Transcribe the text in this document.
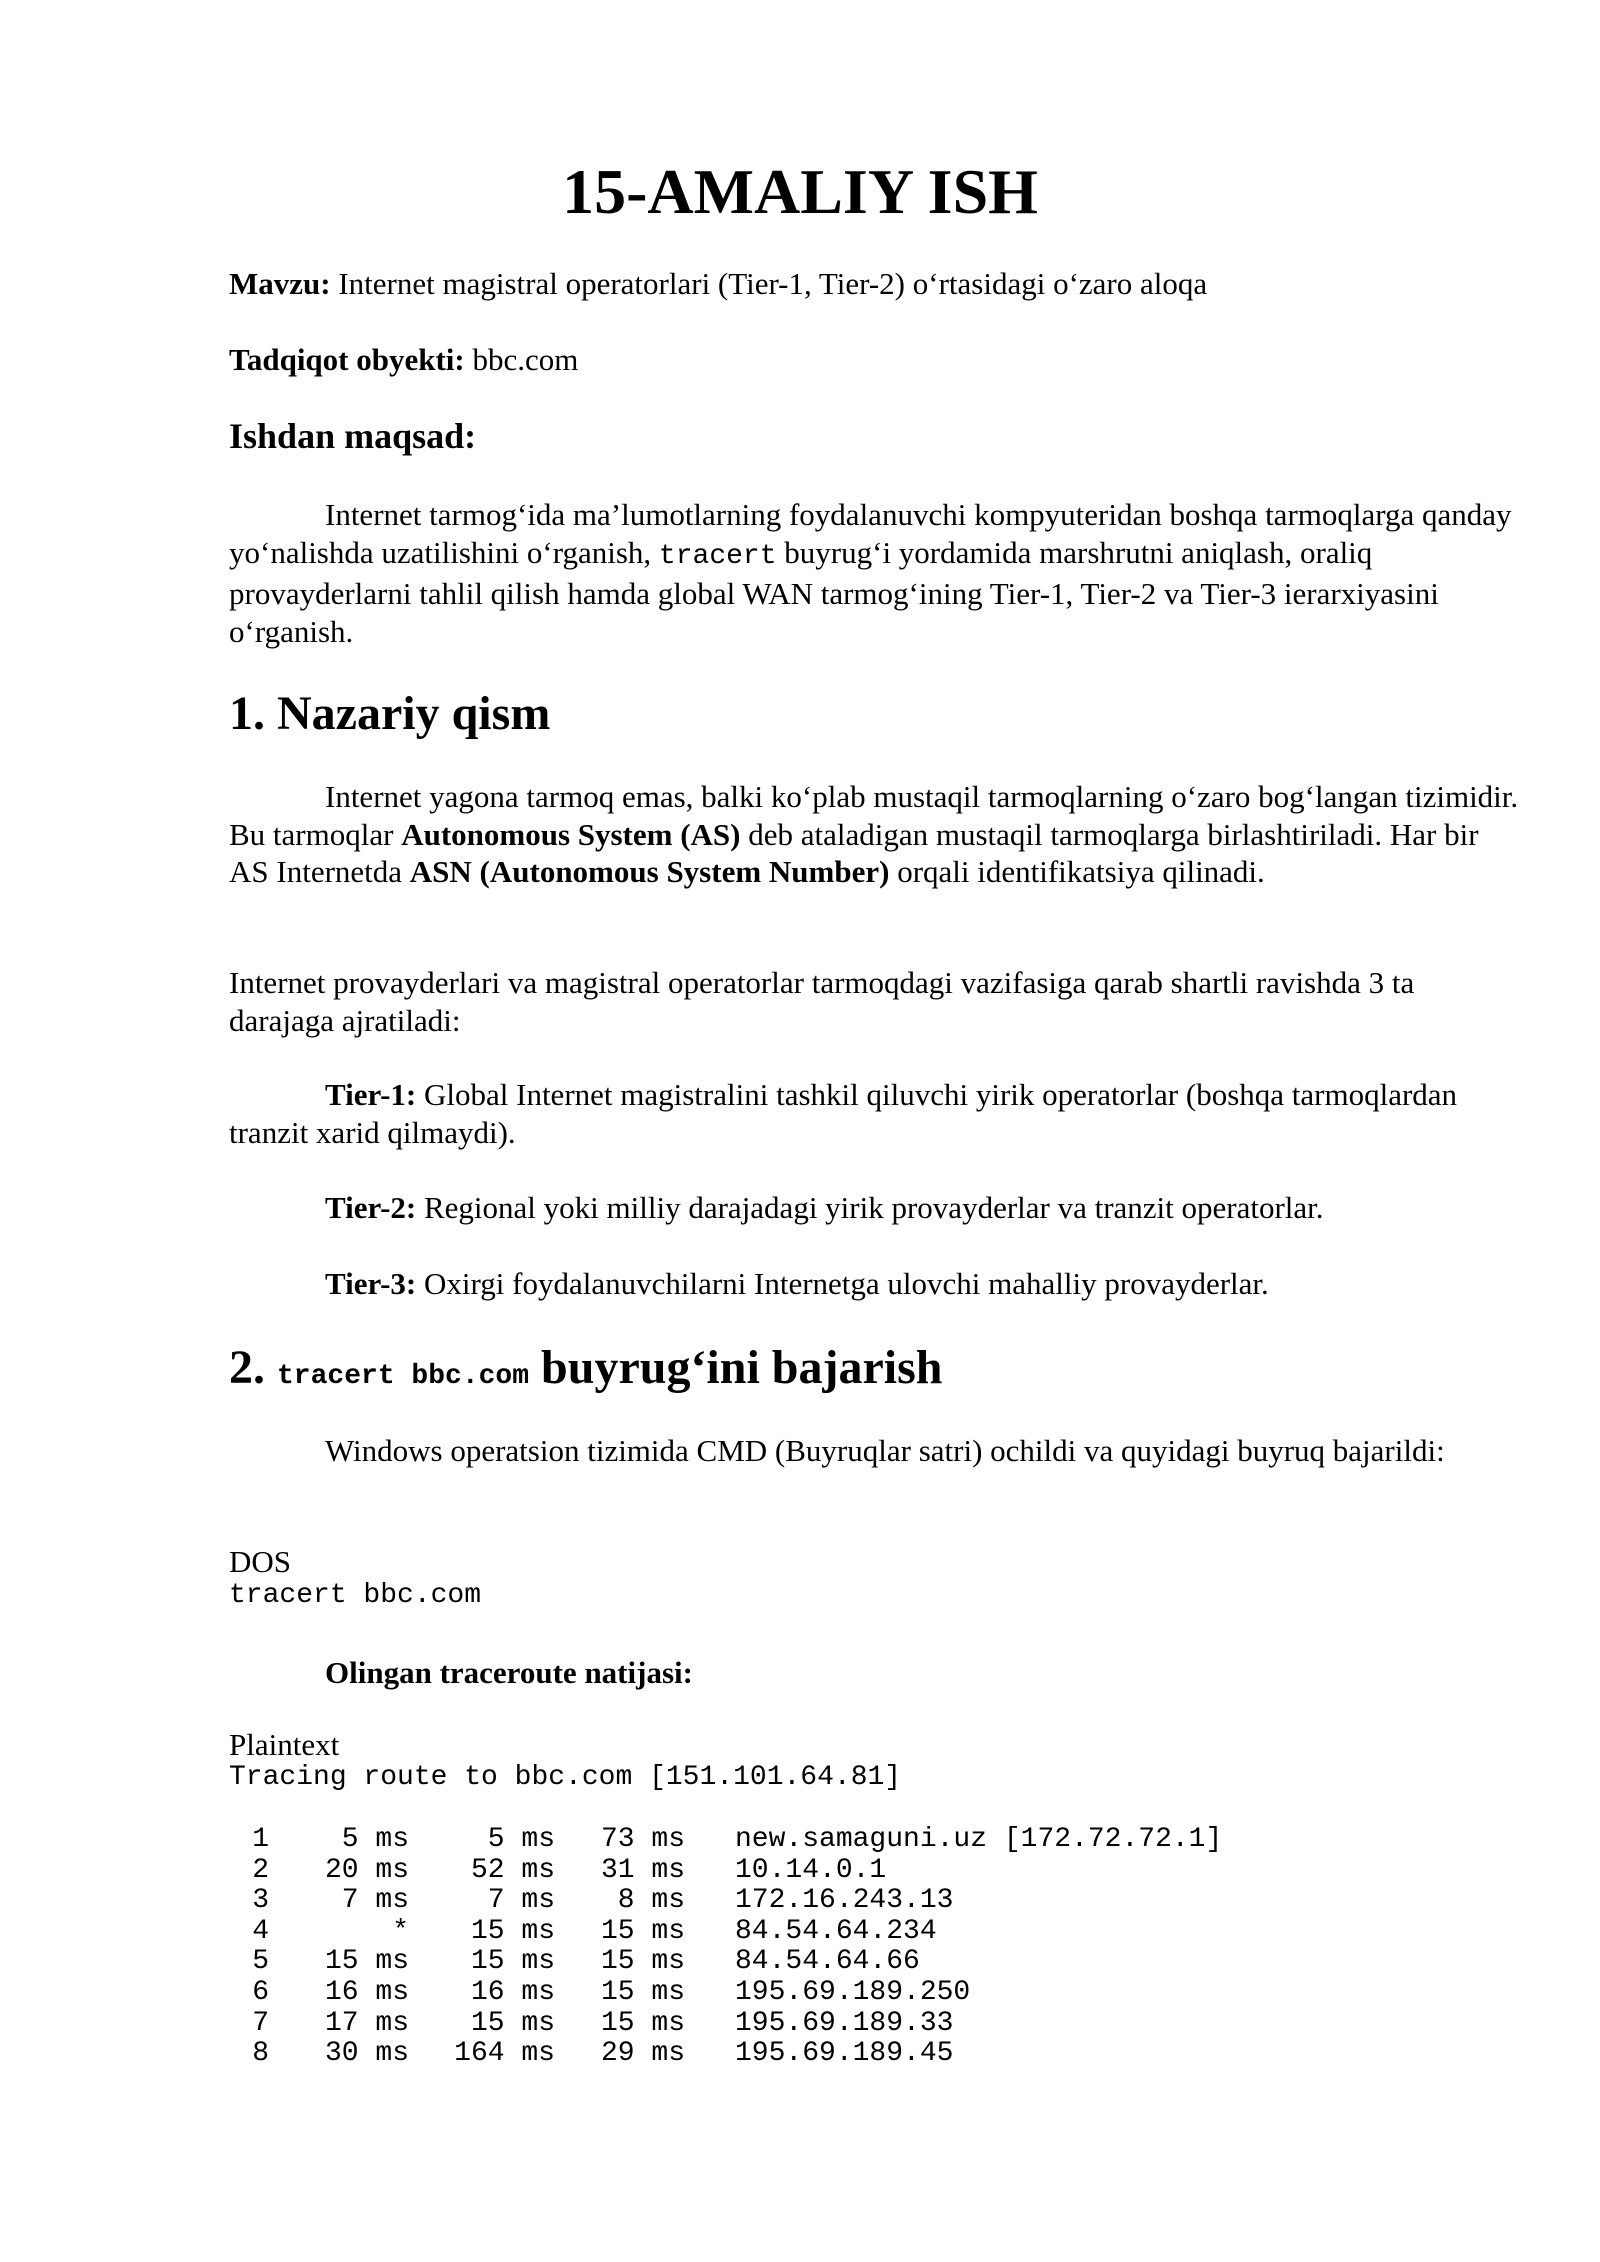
15-AMALIY ISH

Mavzu: Internet magistral operatorlari (Tier-1, Tier-2) o‘rtasidagi o‘zaro aloqa

Tadqiqot obyekti: bbc.com

Ishdan maqsad:

Internet tarmog‘ida ma’lumotlarning foydalanuvchi kompyuteridan boshqa tarmoqlarga qanday yo‘nalishda uzatilishini o‘rganish, tracert buyrug‘i yordamida marshrutni aniqlash, oraliq provayderlarni tahlil qilish hamda global WAN tarmog‘ining Tier-1, Tier-2 va Tier-3 ierarxiyasini o‘rganish.

1. Nazariy qism

Internet yagona tarmoq emas, balki ko‘plab mustaqil tarmoqlarning o‘zaro bog‘langan tizimidir. Bu tarmoqlar Autonomous System (AS) deb ataladigan mustaqil tarmoqlarga birlashtiriladi. Har bir AS Internetda ASN (Autonomous System Number) orqali identifikatsiya qilinadi.

Internet provayderlari va magistral operatorlar tarmoqdagi vazifasiga qarab shartli ravishda 3 ta darajaga ajratiladi:

Tier-1: Global Internet magistralini tashkil qiluvchi yirik operatorlar (boshqa tarmoqlardan tranzit xarid qilmaydi).

Tier-2: Regional yoki milliy darajadagi yirik provayderlar va tranzit operatorlar.

Tier-3: Oxirgi foydalanuvchilarni Internetga ulovchi mahalliy provayderlar.

2. tracert bbc.com buyrug‘ini bajarish

Windows operatsion tizimida CMD (Buyruqlar satri) ochildi va quyidagi buyruq bajarildi:

DOS

tracert bbc.com

Olingan traceroute natijasi:

Plaintext

Tracing route to bbc.com [151.101.64.81]

1	5 ms	5 ms	73 ms	new.samaguni.uz [172.72.72.1]
2	20 ms	52 ms	31 ms	10.14.0.1
3	7 ms	7 ms	8 ms	172.16.243.13
4	*	15 ms	15 ms	84.54.64.234
5	15 ms	15 ms	15 ms	84.54.64.66
6	16 ms	16 ms	15 ms	195.69.189.250
7	17 ms	15 ms	15 ms	195.69.189.33
8	30 ms	164 ms	29 ms	195.69.189.45
